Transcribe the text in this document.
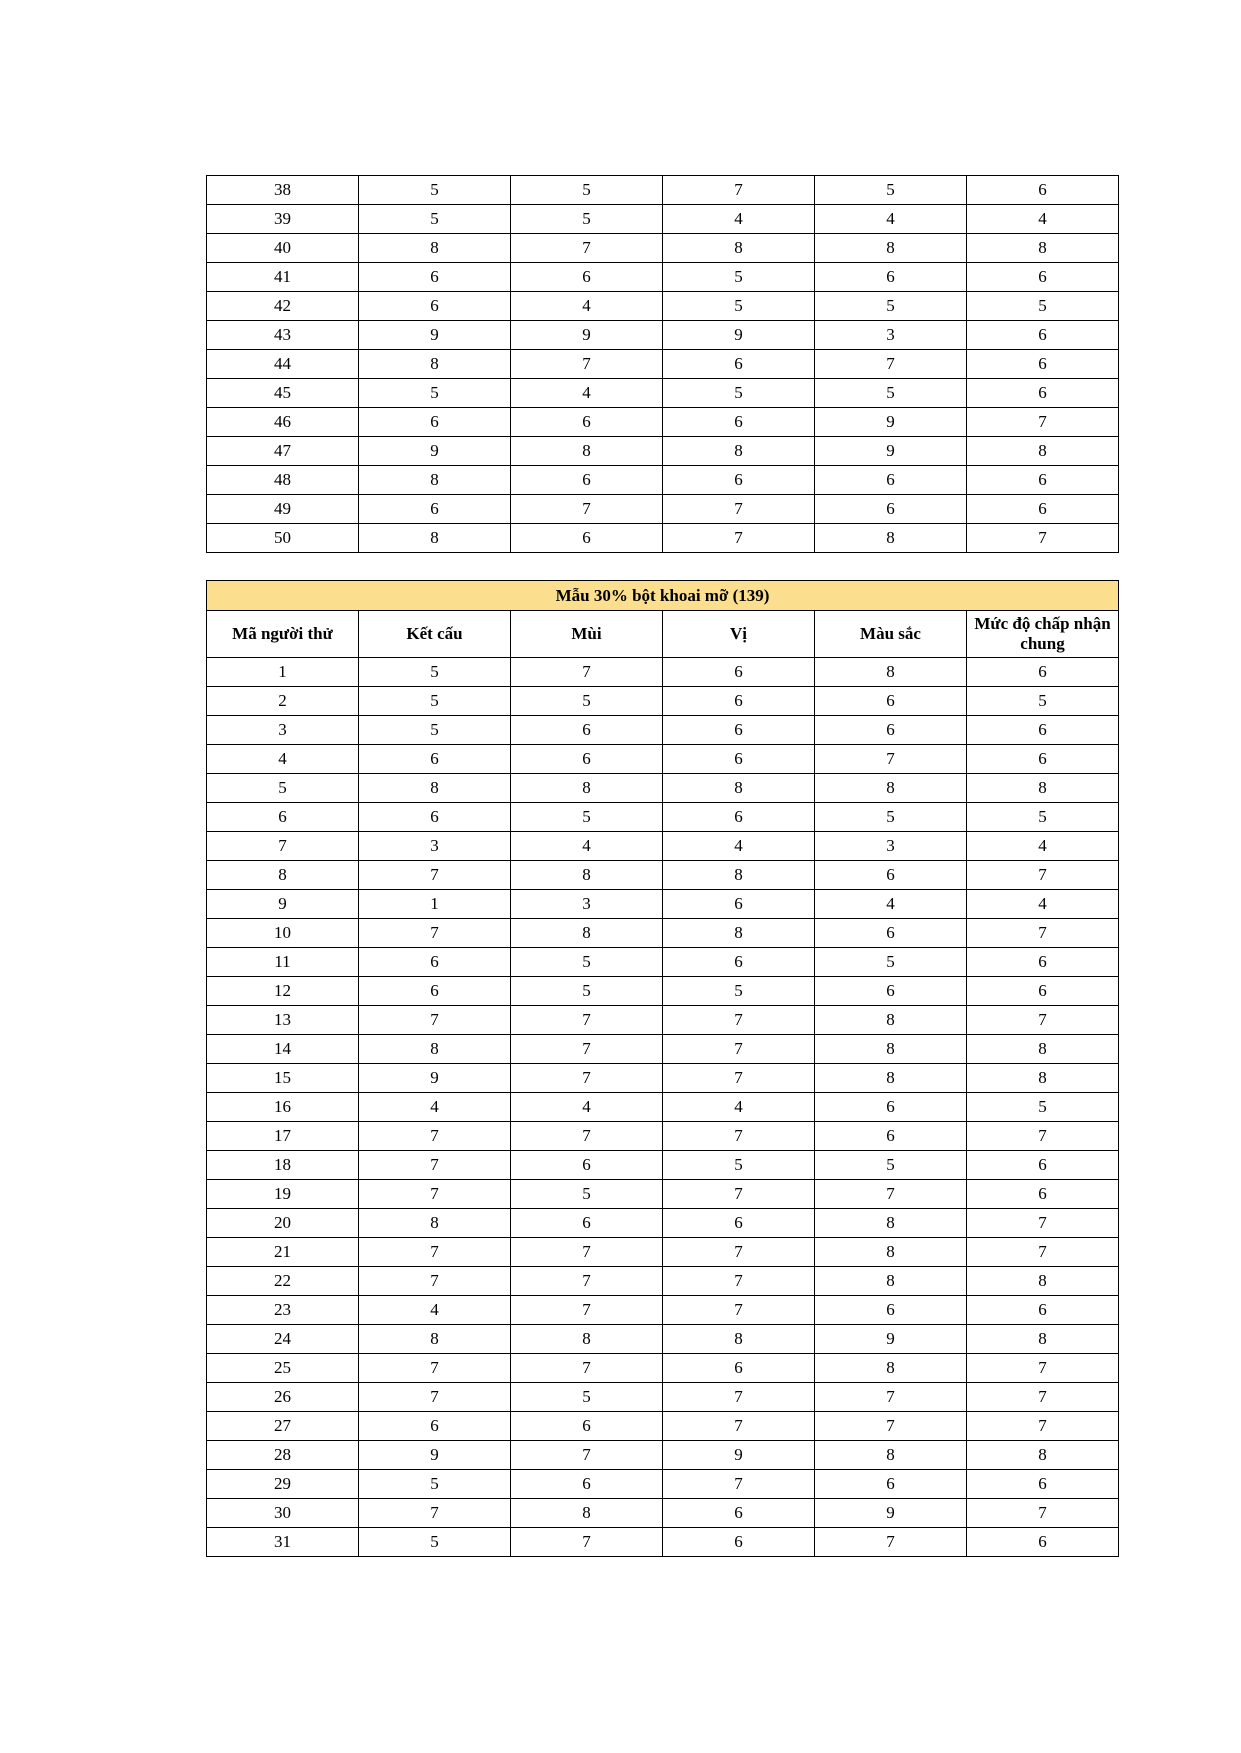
38	5	5	7	5	6
39	5	5	4	4	4
40	8	7	8	8	8
41	6	6	5	6	6
42	6	4	5	5	5
43	9	9	9	3	6
44	8	7	6	7	6
45	5	4	5	5	6
46	6	6	6	9	7
47	9	8	8	9	8
48	8	6	6	6	6
49	6	7	7	6	6
50	8	6	7	8	7
Mẫu 30% bột khoai mỡ (139)					
Mã người thử	Kết cấu	Mùi	Vị	Màu sắc	Mức độ chấp nhận chung
1	5	7	6	8	6
2	5	5	6	6	5
3	5	6	6	6	6
4	6	6	6	7	6
5	8	8	8	8	8
6	6	5	6	5	5
7	3	4	4	3	4
8	7	8	8	6	7
9	1	3	6	4	4
10	7	8	8	6	7
11	6	5	6	5	6
12	6	5	5	6	6
13	7	7	7	8	7
14	8	7	7	8	8
15	9	7	7	8	8
16	4	4	4	6	5
17	7	7	7	6	7
18	7	6	5	5	6
19	7	5	7	7	6
20	8	6	6	8	7
21	7	7	7	8	7
22	7	7	7	8	8
23	4	7	7	6	6
24	8	8	8	9	8
25	7	7	6	8	7
26	7	5	7	7	7
27	6	6	7	7	7
28	9	7	9	8	8
29	5	6	7	6	6
30	7	8	6	9	7
31	5	7	6	7	6
